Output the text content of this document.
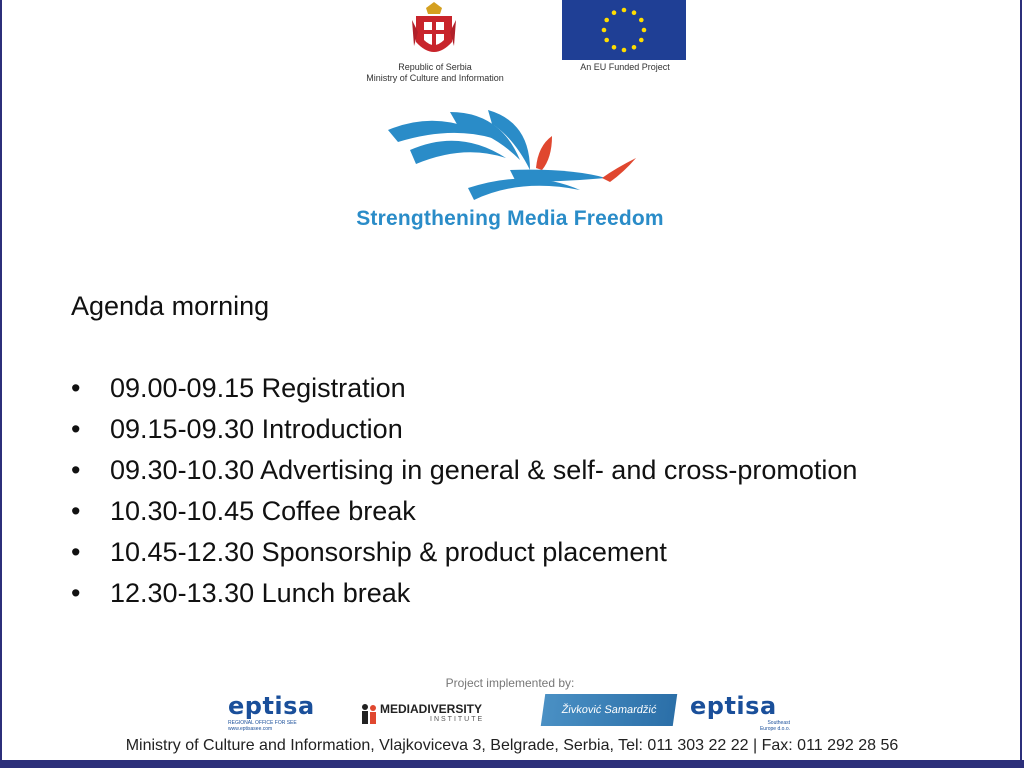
Republic of Serbia
Ministry of Culture and Information
An EU Funded Project
Strengthening Media Freedom
Agenda morning
• 09.00-09.15 Registration
• 09.15-09.30 Introduction
• 09.30-10.30 Advertising in general & self- and cross-promotion
• 10.30-10.45 Coffee break
• 10.45-12.30 Sponsorship & product placement
• 12.30-13.30 Lunch break
Project implemented by:
eptisa
REGIONAL OFFICE FOR SEE
www.eptisasee.com
MEDIADIVERSITY
INSTITUTE
Živković Samardžić	eptisa
Southeast
Europe d.o.o.
Ministry of Culture and Information, Vlajkoviceva 3, Belgrade, Serbia, Tel: 011 303 22 22 | Fax: 011 292 28 56
